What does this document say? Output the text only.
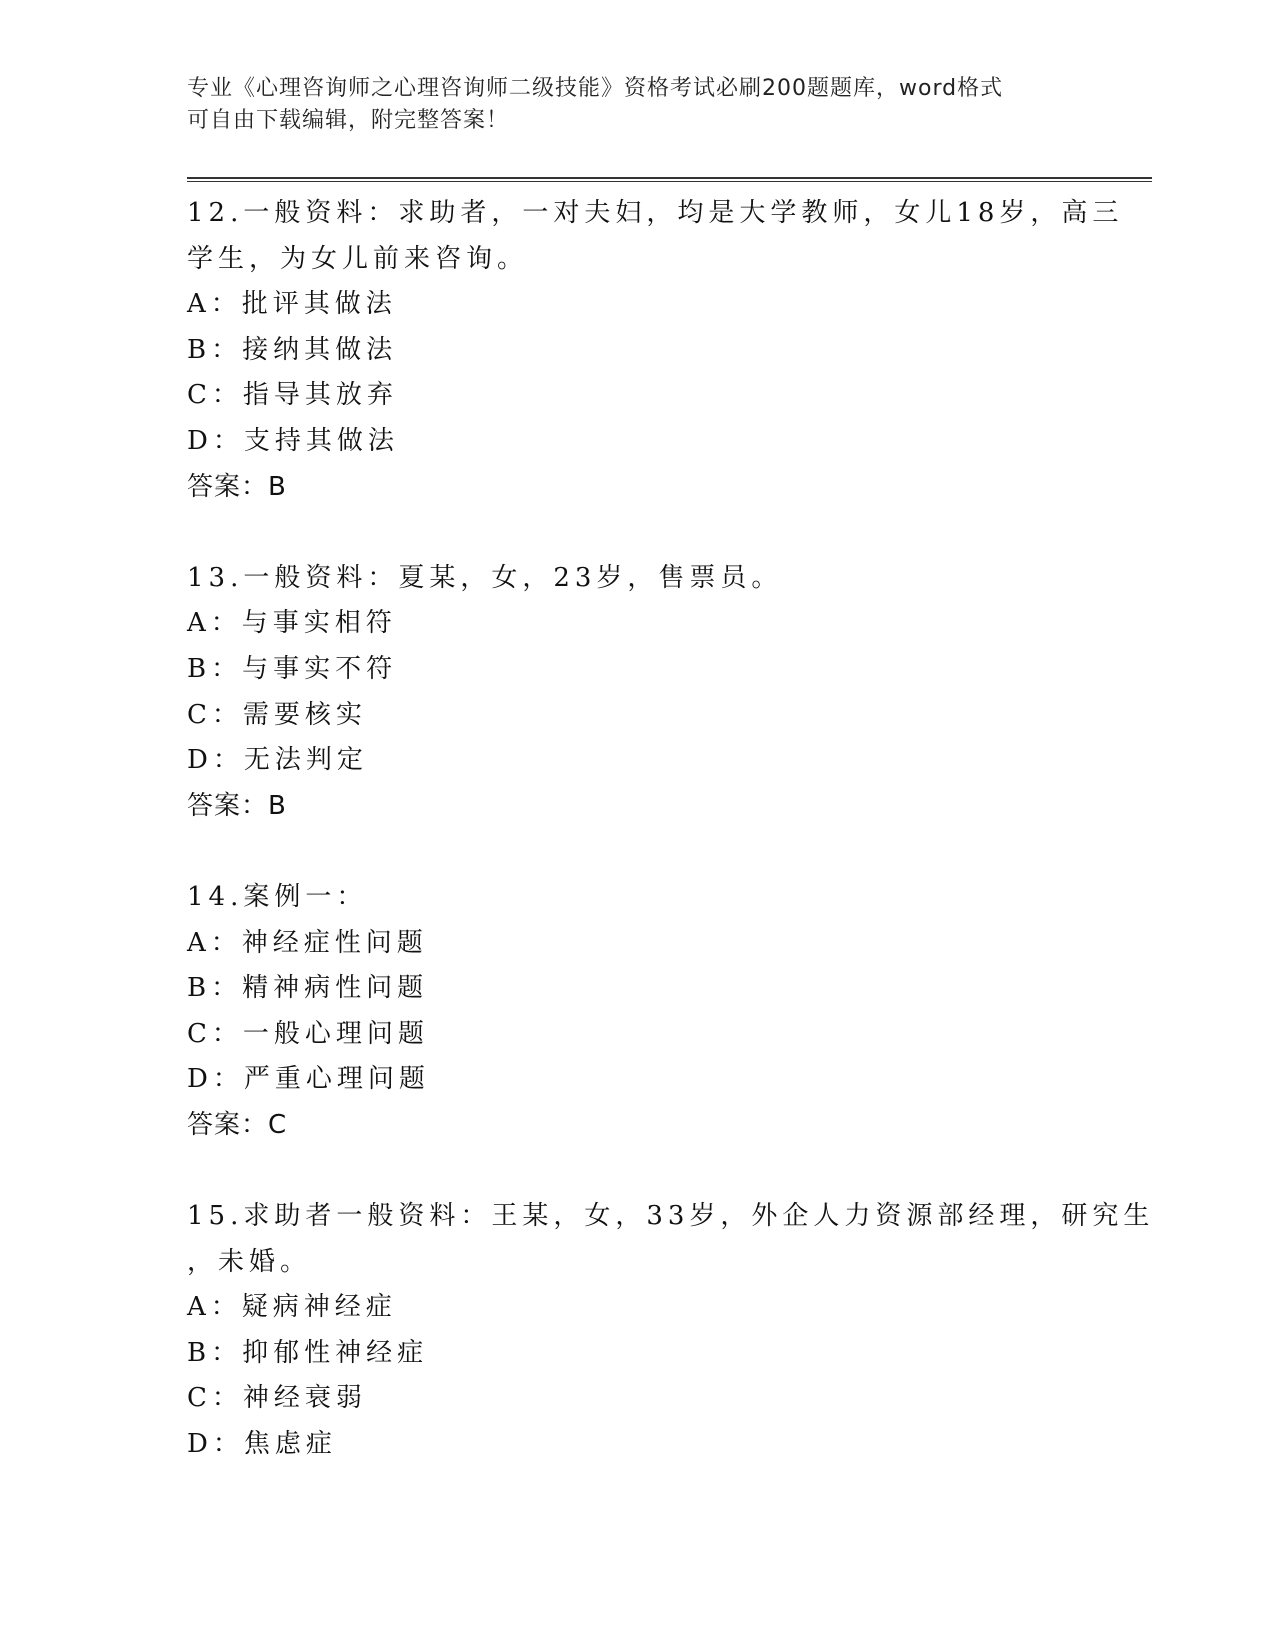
专业《心理咨询师之心理咨询师二级技能》资格考试必刷200题题库，word格式

可自由下载编辑，附完整答案！

12.一般资料：求助者，一对夫妇，均是大学教师，女儿18岁，高三

学生，为女儿前来咨询。

A：批评其做法

B：接纳其做法

C：指导其放弃

D：支持其做法

答案：B

13.一般资料：夏某，女，23岁，售票员。

A：与事实相符

B：与事实不符

C：需要核实

D：无法判定

答案：B

14.案例一：

A：神经症性问题

B：精神病性问题

C：一般心理问题

D：严重心理问题

答案：C

15.求助者一般资料：王某，女，33岁，外企人力资源部经理，研究生

，未婚。

A：疑病神经症

B：抑郁性神经症

C：神经衰弱

D：焦虑症
